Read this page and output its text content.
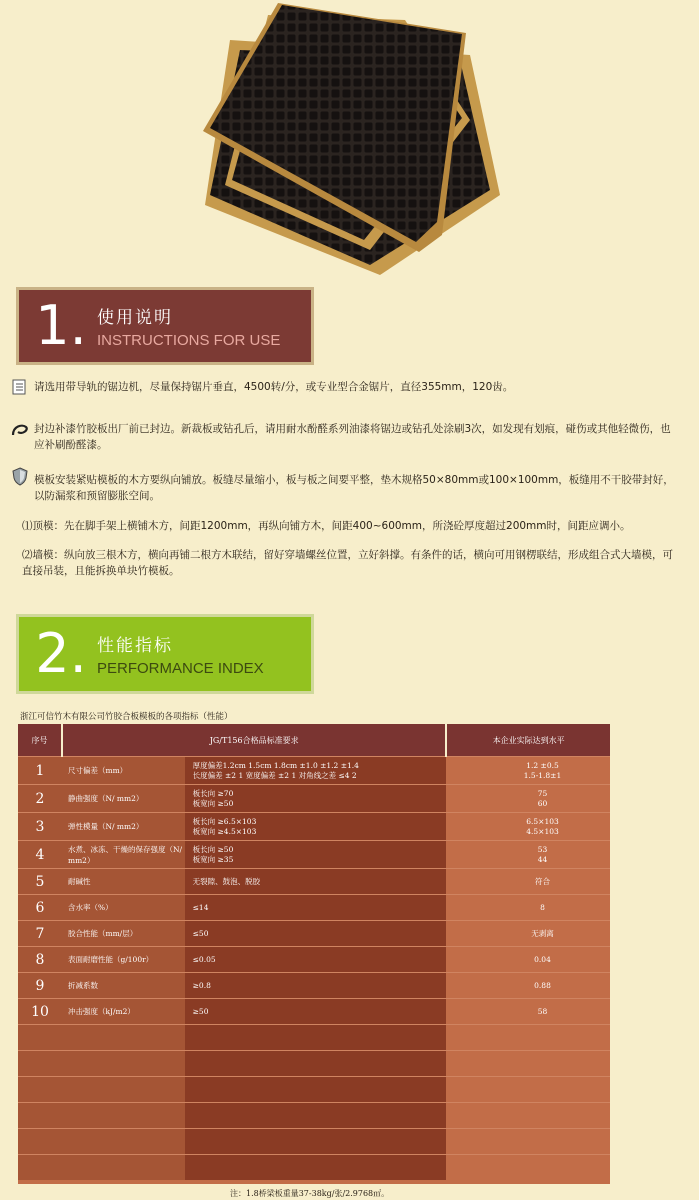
1. 使用说明
INSTRUCTIONS FOR USE
请选用带导轨的锯边机，尽量保持锯片垂直，4500转/分，或专业型合金锯片，直径355mm，120齿。
封边补漆竹胶板出厂前已封边。新裁板或钻孔后，请用耐水酚醛系列油漆将锯边或钻孔处涂刷3次，如发现有划痕，碰伤或其他轻微伤，也应补刷酚醛漆。
模板安装紧贴模板的木方要纵向铺放。板缝尽量缩小，板与板之间要平整，垫木规格50×80mm或100×100mm，板缝用不干胶带封好，以防漏浆和预留膨胀空间。
⑴顶模：先在脚手架上横铺木方，间距1200mm，再纵向铺方木，间距400~600mm，所浇砼厚度超过200mm时，间距应调小。
⑵墙模：纵向放三根木方，横向再铺二根方木联结，留好穿墙螺丝位置，立好斜撑。有条件的话，横向可用钢楞联结，形成组合式大墙模，可直接吊装，且能拆换单块竹模板。
2. 性能指标
PERFORMANCE INDEX
浙江可信竹木有限公司竹胶合板模板的各项指标（性能）
序号	JG/T156合格品标准要求		本企业实际达到水平	
1	尺寸偏差（mm）	厚度偏差1.2cm 1.5cm 1.8cm ±1.0 ±1.2 ±1.4
长度偏差 ±2 1 宽度偏差 ±2 1 对角线之差 ≤4 2		1.2 ±0.5
1.5-1.8±1

2	静曲强度（N/ mm2）	板长向 ≥70
板宽向 ≥50		75
60

3	弹性模量（N/ mm2）	板长向 ≥6.5×103
板宽向 ≥4.5×103		6.5×103
4.5×103

4	水煮、冰冻、干燥的保存强度（N/ mm2）	板长向 ≥50
板宽向 ≥35		53
44

5	耐碱性	无裂隙、鼓泡、脱胶		符合

6	含水率（%）	≤14		8

7	胶合性能（mm/层）	≤50		无剥离

8	表面耐磨性能（g/100r）	≤0.05		0.04

9	折减系数	≥0.8		0.88

10	冲击强度（kJ/m2）	≥50		58

注：1.8桥梁板重量37-38kg/张/2.9768㎡。
